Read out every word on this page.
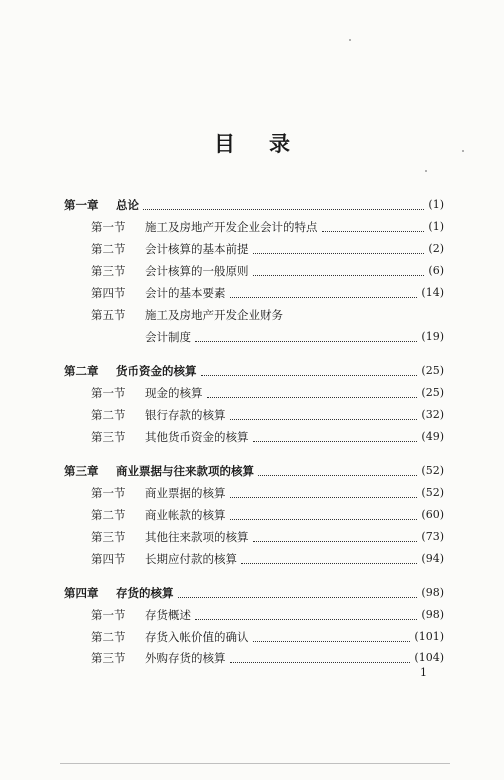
目 录
第一章	总论	(1)
第一节	施工及房地产开发企业会计的特点	(1)
第二节	会计核算的基本前提	(2)
第三节	会计核算的一般原则	(6)
第四节	会计的基本要素	(14)
第五节	施工及房地产开发企业财务
会计制度	(19)
第二章	货币资金的核算	(25)
第一节	现金的核算	(25)
第二节	银行存款的核算	(32)
第三节	其他货币资金的核算	(49)
第三章	商业票据与往来款项的核算	(52)
第一节	商业票据的核算	(52)
第二节	商业帐款的核算	(60)
第三节	其他往来款项的核算	(73)
第四节	长期应付款的核算	(94)
第四章	存货的核算	(98)
第一节	存货概述	(98)
第二节	存货入帐价值的确认	(101)
第三节	外购存货的核算	(104)
1
